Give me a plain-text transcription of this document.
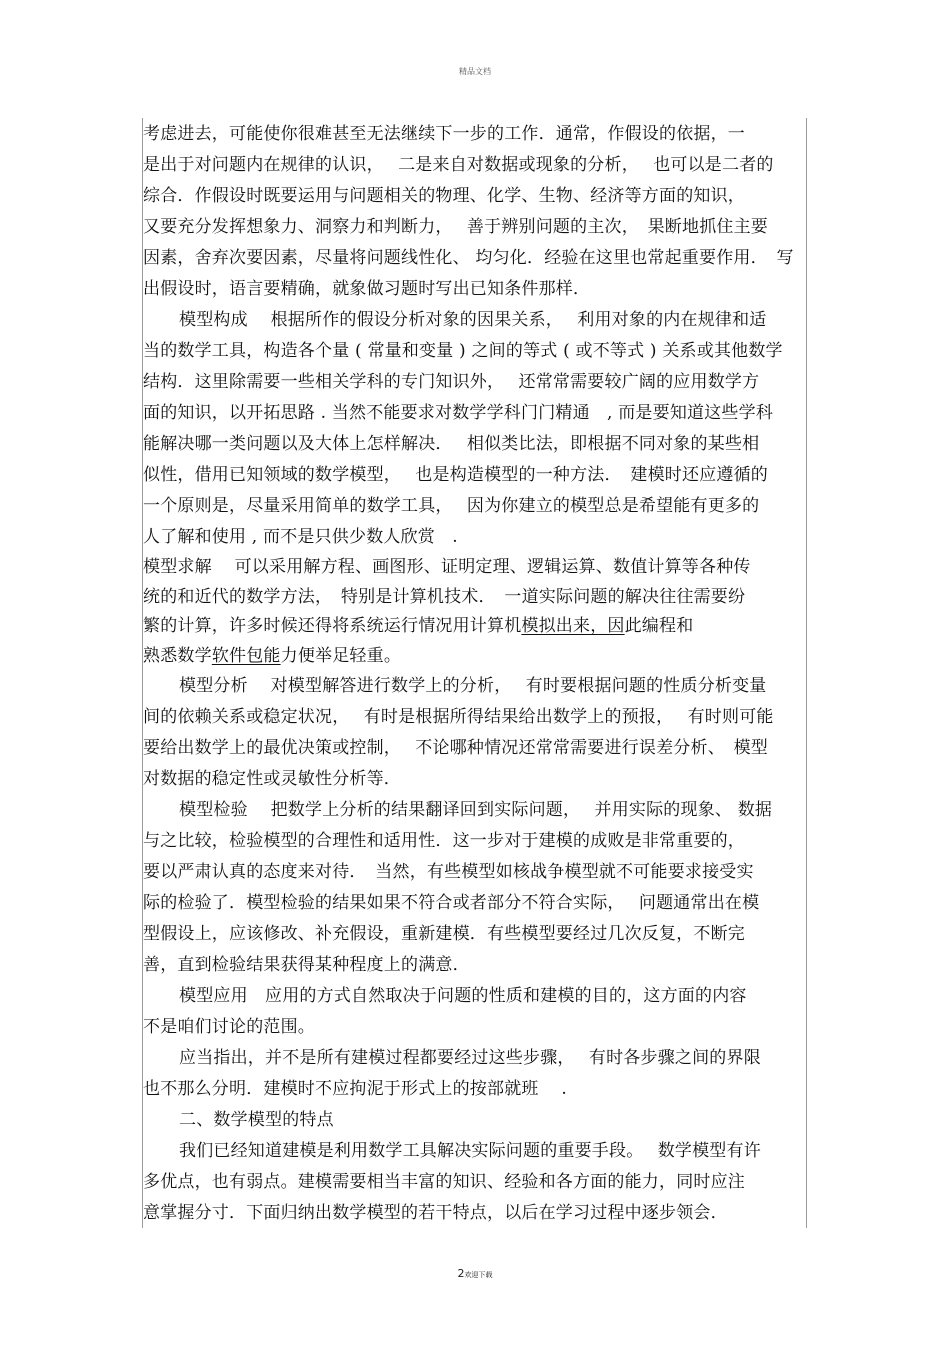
精品文档
考虑进去，可能使你很难甚至无法继续下一步的工作．通常，作假设的依据，一
是出于对问题内在规律的认识，　 二是来自对数据或现象的分析，　 也可以是二者的
综合．作假设时既要运用与问题相关的物理、化学、生物、经济等方面的知识，
又要充分发挥想象力、洞察力和判断力，　 善于辨别问题的主次，　果断地抓住主要
因素，舍弃次要因素，尽量将问题线性化、 均匀化．经验在这里也常起重要作用．　写
出假设时，语言要精确，就象做习题时写出已知条件那样．
模型构成　 根据所作的假设分析对象的因果关系，　 利用对象的内在规律和适
当的数学工具，构造各个量 ( 常量和变量 ) 之间的等式 ( 或不等式 ) 关系或其他数学
结构．这里除需要一些相关学科的专门知识外，　 还常常需要较广阔的应用数学方
面的知识，以开拓思路 . 当然不能要求对数学学科门门精通　, 而是要知道这些学科
能解决哪一类问题以及大体上怎样解决．　 相似类比法，即根据不同对象的某些相
似性，借用已知领域的数学模型，　 也是构造模型的一种方法．　建模时还应遵循的
一个原则是，尽量采用简单的数学工具，　 因为你建立的模型总是希望能有更多的
人了解和使用 , 而不是只供少数人欣赏　.
模型求解　 可以采用解方程、画图形、证明定理、逻辑运算、数值计算等各种传
统的和近代的数学方法，　特别是计算机技术．　一道实际问题的解决往往需要纷
繁的计算，许多时候还得将系统运行情况用计算机模拟出来，因此编程和
熟悉数学软件包能力便举足轻重。
模型分析　 对模型解答进行数学上的分析，　 有时要根据问题的性质分析变量
间的依赖关系或稳定状况，　 有时是根据所得结果给出数学上的预报，　 有时则可能
要给出数学上的最优决策或控制，　 不论哪种情况还常常需要进行误差分析、　模型
对数据的稳定性或灵敏性分析等．
模型检验　 把数学上分析的结果翻译回到实际问题，　 并用实际的现象、 数据
与之比较，检验模型的合理性和适用性．这一步对于建模的成败是非常重要的，
要以严肃认真的态度来对待．　当然，有些模型如核战争模型就不可能要求接受实
际的检验了．模型检验的结果如果不符合或者部分不符合实际，　 问题通常出在模
型假设上，应该修改、补充假设，重新建模．有些模型要经过几次反复，不断完
善，直到检验结果获得某种程度上的满意．
模型应用　应用的方式自然取决于问题的性质和建模的目的，这方面的内容
不是咱们讨论的范围。
应当指出，并不是所有建模过程都要经过这些步骤，　 有时各步骤之间的界限
也不那么分明．建模时不应拘泥于形式上的按部就班　 .
二、数学模型的特点
我们已经知道建模是利用数学工具解决实际问题的重要手段。　 数学模型有许
多优点，也有弱点。建模需要相当丰富的知识、经验和各方面的能力，同时应注
意掌握分寸．下面归纳出数学模型的若干特点，以后在学习过程中逐步领会．
2欢迎下载
